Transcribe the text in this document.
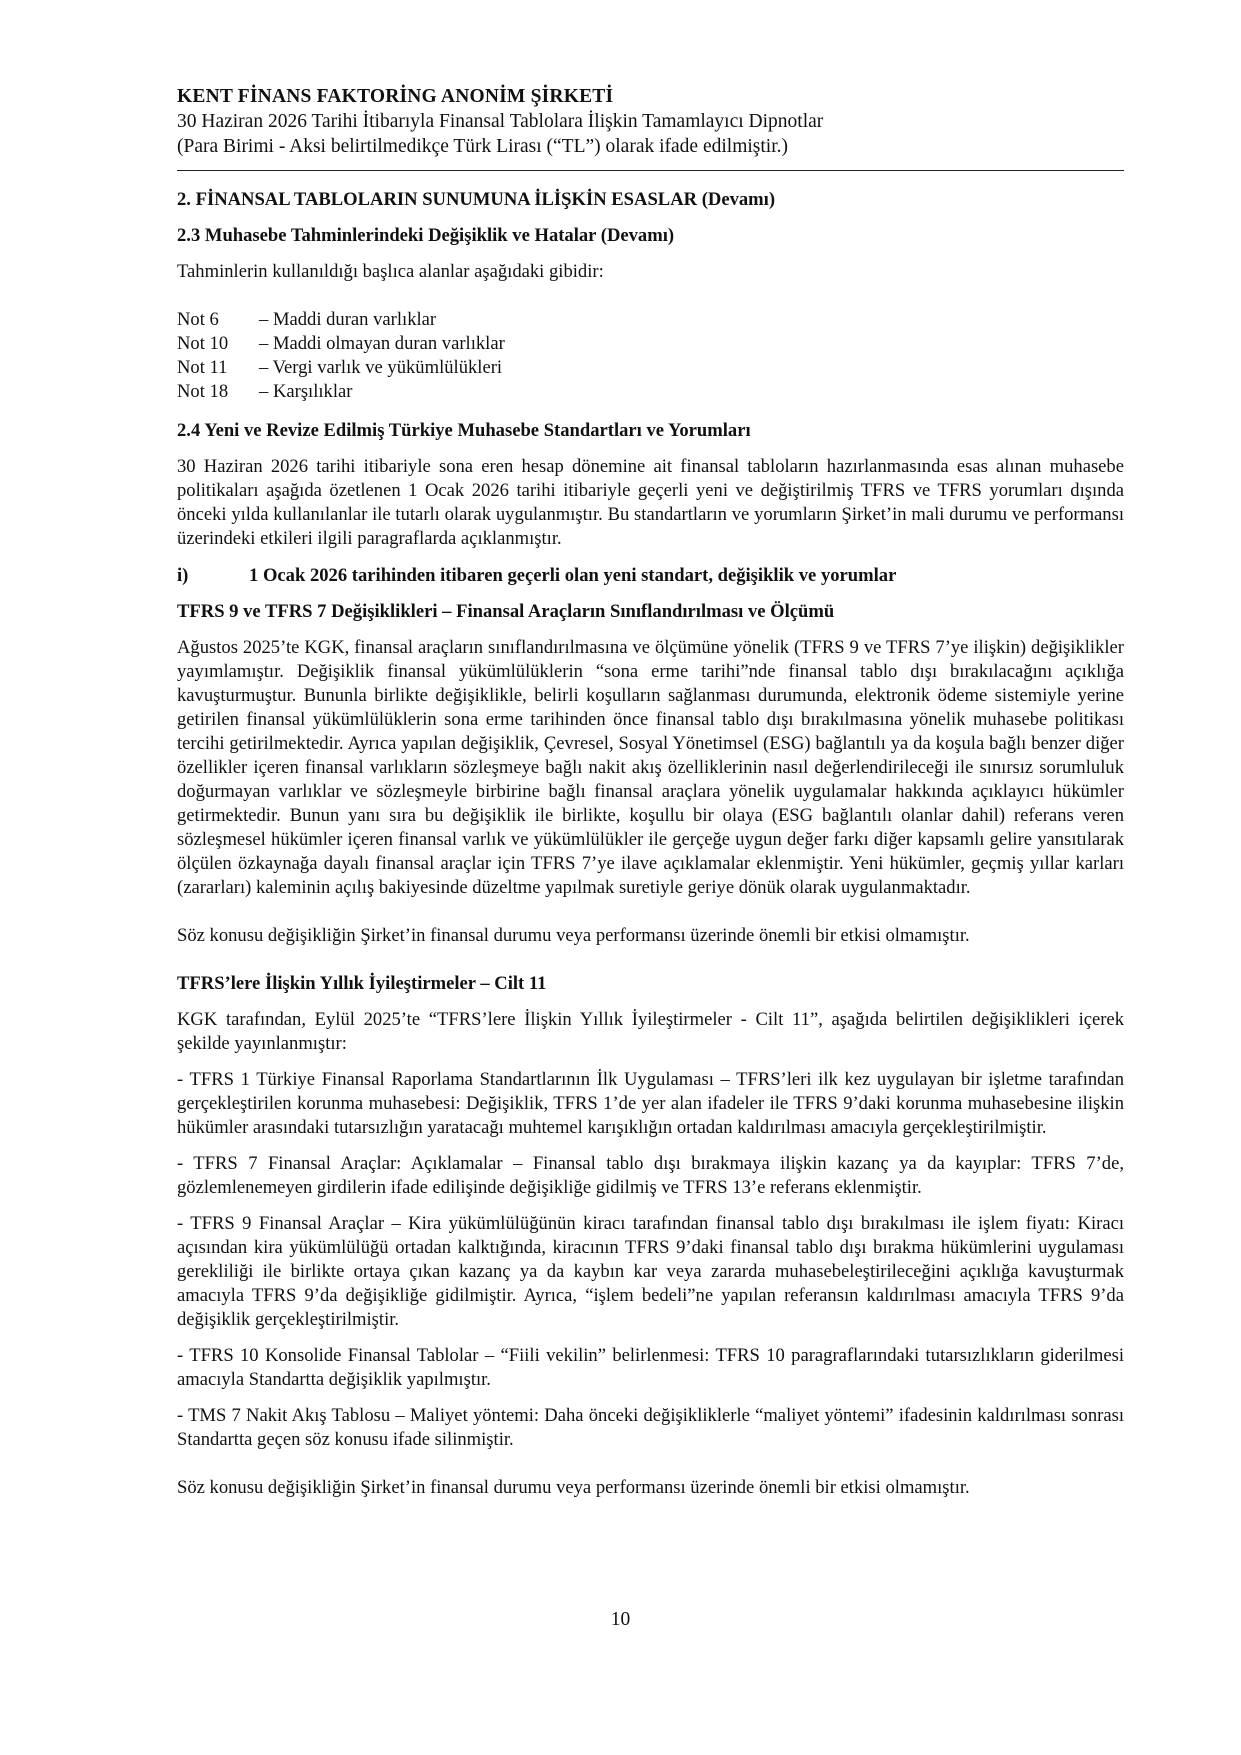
KENT FİNANS FAKTORİNG ANONİM ŞİRKETİ
30 Haziran 2026 Tarihi İtibarıyla Finansal Tablolara İlişkin Tamamlayıcı Dipnotlar
(Para Birimi - Aksi belirtilmedikçe Türk Lirası (“TL”) olarak ifade edilmiştir.)

2. FİNANSAL TABLOLARIN SUNUMUNA İLİŞKİN ESASLAR (Devamı)

2.3 Muhasebe Tahminlerindeki Değişiklik ve Hatalar (Devamı)

Tahminlerin kullanıldığı başlıca alanlar aşağıdaki gibidir:

Not 6	– Maddi duran varlıklar
Not 10	– Maddi olmayan duran varlıklar
Not 11	– Vergi varlık ve yükümlülükleri
Not 18	– Karşılıklar

2.4 Yeni ve Revize Edilmiş Türkiye Muhasebe Standartları ve Yorumları

30 Haziran 2026 tarihi itibariyle sona eren hesap dönemine ait finansal tabloların hazırlanmasında esas alınan muhasebe politikaları aşağıda özetlenen 1 Ocak 2026 tarihi itibariyle geçerli yeni ve değiştirilmiş TFRS ve TFRS yorumları dışında önceki yılda kullanılanlar ile tutarlı olarak uygulanmıştır. Bu standartların ve yorumların Şirket’in mali durumu ve performansı üzerindeki etkileri ilgili paragraflarda açıklanmıştır.

i)	1 Ocak 2026 tarihinden itibaren geçerli olan yeni standart, değişiklik ve yorumlar

TFRS 9 ve TFRS 7 Değişiklikleri – Finansal Araçların Sınıflandırılması ve Ölçümü

Ağustos 2025’te KGK, finansal araçların sınıflandırılmasına ve ölçümüne yönelik (TFRS 9 ve TFRS 7’ye ilişkin) değişiklikler yayımlamıştır. Değişiklik finansal yükümlülüklerin “sona erme tarihi”nde finansal tablo dışı bırakılacağını açıklığa kavuşturmuştur. Bununla birlikte değişiklikle, belirli koşulların sağlanması durumunda, elektronik ödeme sistemiyle yerine getirilen finansal yükümlülüklerin sona erme tarihinden önce finansal tablo dışı bırakılmasına yönelik muhasebe politikası tercihi getirilmektedir. Ayrıca yapılan değişiklik, Çevresel, Sosyal Yönetimsel (ESG) bağlantılı ya da koşula bağlı benzer diğer özellikler içeren finansal varlıkların sözleşmeye bağlı nakit akış özelliklerinin nasıl değerlendirileceği ile sınırsız sorumluluk doğurmayan varlıklar ve sözleşmeyle birbirine bağlı finansal araçlara yönelik uygulamalar hakkında açıklayıcı hükümler getirmektedir. Bunun yanı sıra bu değişiklik ile birlikte, koşullu bir olaya (ESG bağlantılı olanlar dahil) referans veren sözleşmesel hükümler içeren finansal varlık ve yükümlülükler ile gerçeğe uygun değer farkı diğer kapsamlı gelire yansıtılarak ölçülen özkaynağa dayalı finansal araçlar için TFRS 7’ye ilave açıklamalar eklenmiştir. Yeni hükümler, geçmiş yıllar karları (zararları) kaleminin açılış bakiyesinde düzeltme yapılmak suretiyle geriye dönük olarak uygulanmaktadır.

Söz konusu değişikliğin Şirket’in finansal durumu veya performansı üzerinde önemli bir etkisi olmamıştır.

TFRS’lere İlişkin Yıllık İyileştirmeler – Cilt 11

KGK tarafından, Eylül 2025’te “TFRS’lere İlişkin Yıllık İyileştirmeler - Cilt 11”, aşağıda belirtilen değişiklikleri içerek şekilde yayınlanmıştır:

- TFRS 1 Türkiye Finansal Raporlama Standartlarının İlk Uygulaması – TFRS’leri ilk kez uygulayan bir işletme tarafından gerçekleştirilen korunma muhasebesi: Değişiklik, TFRS 1’de yer alan ifadeler ile TFRS 9’daki korunma muhasebesine ilişkin hükümler arasındaki tutarsızlığın yaratacağı muhtemel karışıklığın ortadan kaldırılması amacıyla gerçekleştirilmiştir.

- TFRS 7 Finansal Araçlar: Açıklamalar – Finansal tablo dışı bırakmaya ilişkin kazanç ya da kayıplar: TFRS 7’de, gözlemlenemeyen girdilerin ifade edilişinde değişikliğe gidilmiş ve TFRS 13’e referans eklenmiştir.

- TFRS 9 Finansal Araçlar – Kira yükümlülüğünün kiracı tarafından finansal tablo dışı bırakılması ile işlem fiyatı: Kiracı açısından kira yükümlülüğü ortadan kalktığında, kiracının TFRS 9’daki finansal tablo dışı bırakma hükümlerini uygulaması gerekliliği ile birlikte ortaya çıkan kazanç ya da kaybın kar veya zararda muhasebeleştirileceğini açıklığa kavuşturmak amacıyla TFRS 9’da değişikliğe gidilmiştir. Ayrıca, “işlem bedeli”ne yapılan referansın kaldırılması amacıyla TFRS 9’da değişiklik gerçekleştirilmiştir.

- TFRS 10 Konsolide Finansal Tablolar – “Fiili vekilin” belirlenmesi: TFRS 10 paragraflarındaki tutarsızlıkların giderilmesi amacıyla Standartta değişiklik yapılmıştır.

- TMS 7 Nakit Akış Tablosu – Maliyet yöntemi: Daha önceki değişikliklerle “maliyet yöntemi” ifadesinin kaldırılması sonrası Standartta geçen söz konusu ifade silinmiştir.

Söz konusu değişikliğin Şirket’in finansal durumu veya performansı üzerinde önemli bir etkisi olmamıştır.

10
